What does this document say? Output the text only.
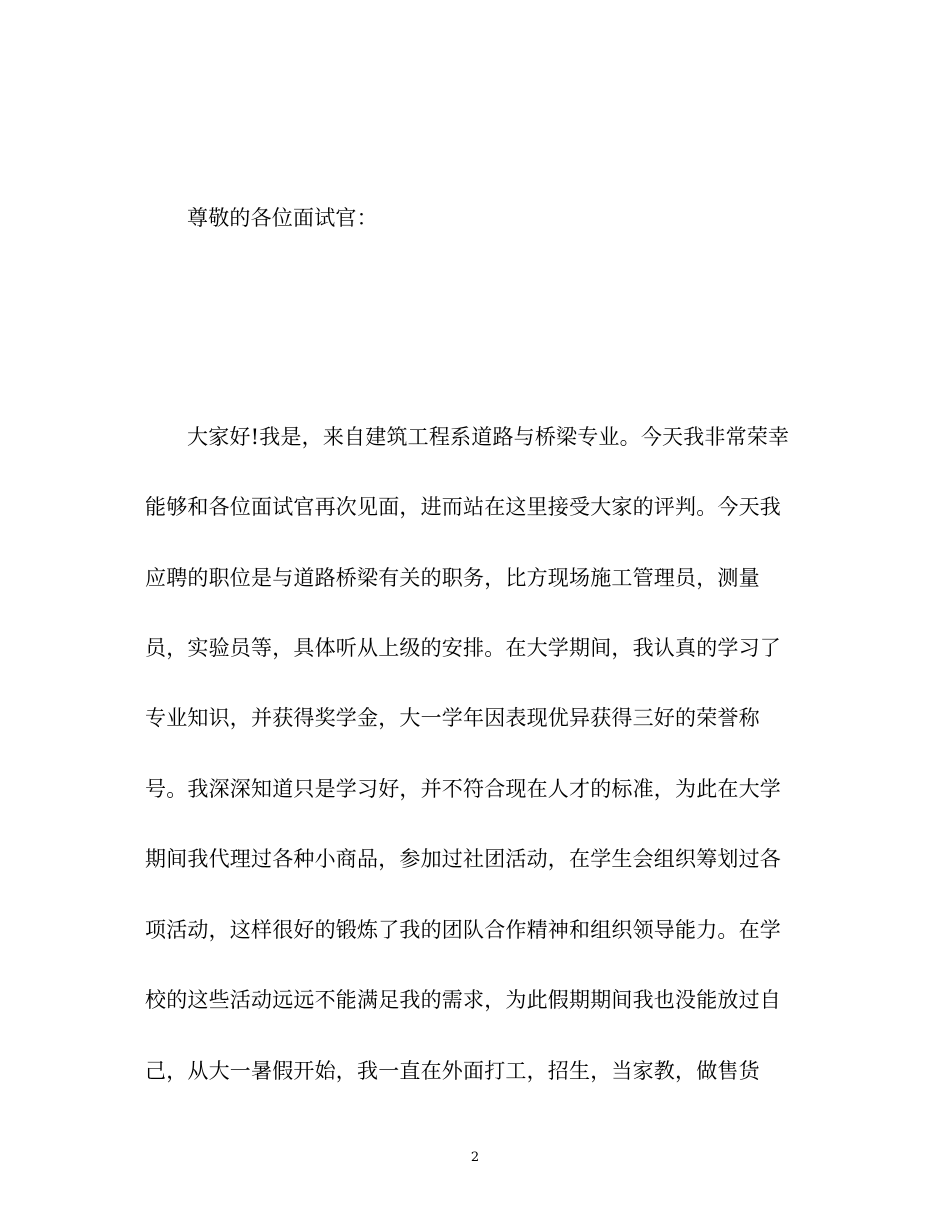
尊敬的各位面试官：
大家好!我是，来自建筑工程系道路与桥梁专业。今天我非常荣幸
能够和各位面试官再次见面，进而站在这里接受大家的评判。今天我
应聘的职位是与道路桥梁有关的职务，比方现场施工管理员，测量
员，实验员等，具体听从上级的安排。在大学期间，我认真的学习了
专业知识，并获得奖学金，大一学年因表现优异获得三好的荣誉称
号。我深深知道只是学习好，并不符合现在人才的标准，为此在大学
期间我代理过各种小商品，参加过社团活动，在学生会组织筹划过各
项活动，这样很好的锻炼了我的团队合作精神和组织领导能力。在学
校的这些活动远远不能满足我的需求，为此假期期间我也没能放过自
己，从大一暑假开始，我一直在外面打工，招生，当家教，做售货
2
